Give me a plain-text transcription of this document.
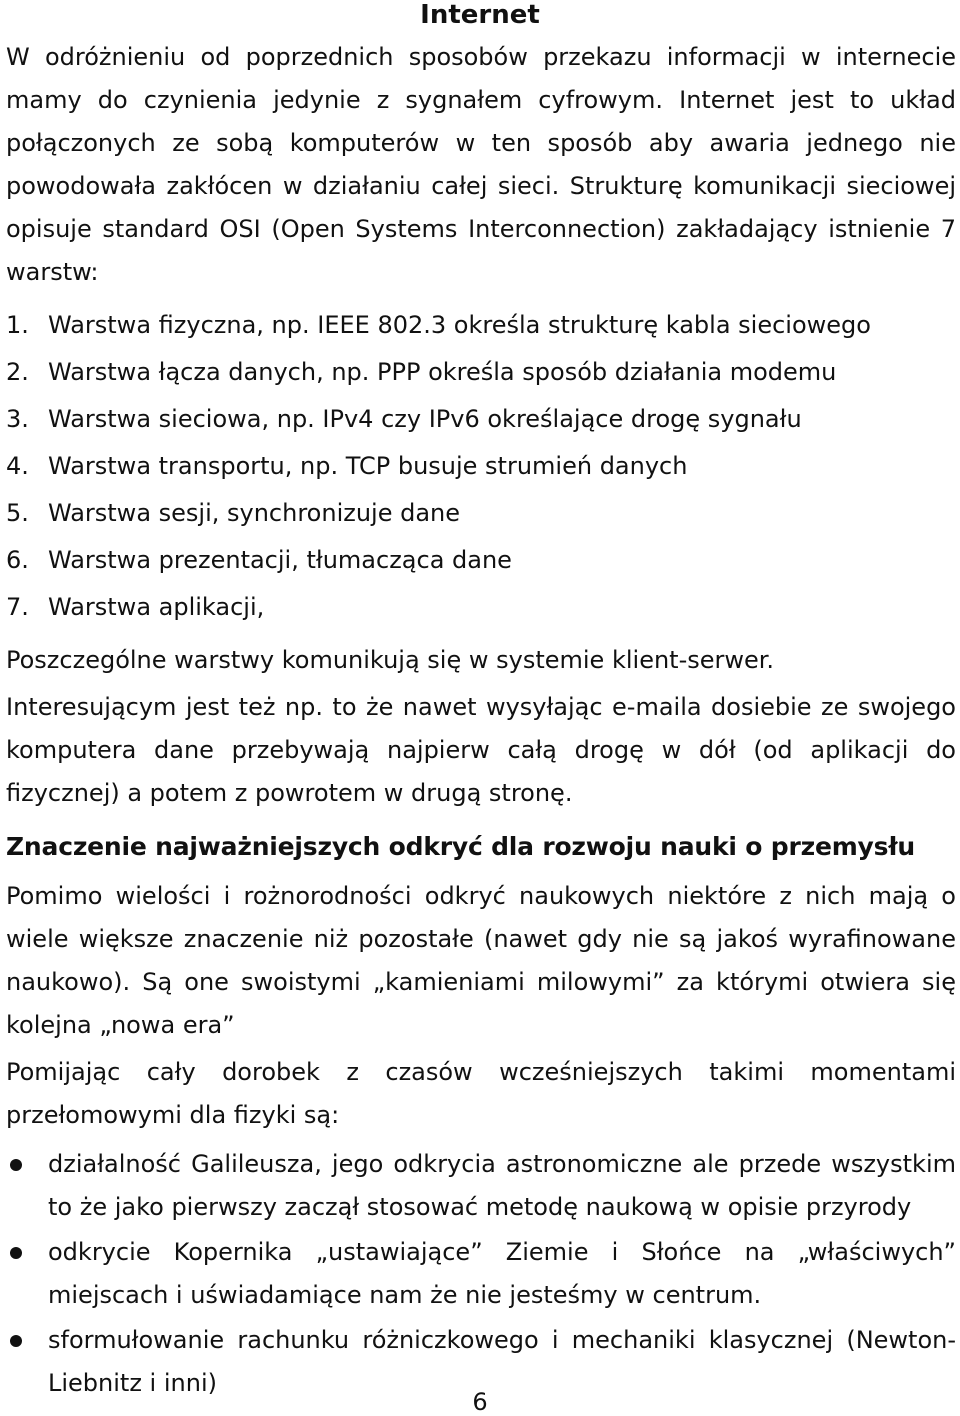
Internet

W odróżnieniu od poprzednich sposobów przekazu informacji w internecie mamy do czynienia jedynie z sygnałem cyfrowym. Internet jest to układ połączonych ze sobą komputerów w ten sposób aby awaria jednego nie powodowała zakłócen w działaniu całej sieci. Strukturę komunikacji sieciowej opisuje standard OSI (Open Systems Interconnection) zakładający istnienie 7 warstw:

1. Warstwa fizyczna, np. IEEE 802.3 określa strukturę kabla sieciowego
2. Warstwa łącza danych, np. PPP określa sposób działania modemu
3. Warstwa sieciowa, np. IPv4 czy IPv6 określające drogę sygnału
4. Warstwa transportu, np. TCP busuje strumień danych
5. Warstwa sesji, synchronizuje dane
6. Warstwa prezentacji, tłumacząca dane
7. Warstwa aplikacji,

Poszczególne warstwy komunikują się w systemie klient-serwer.

Interesującym jest też np. to że nawet wysyłając e-maila dosiebie ze swojego komputera dane przebywają najpierw całą drogę w dół (od aplikacji do fizycznej) a potem z powrotem w drugą stronę.

Znaczenie najważniejszych odkryć dla rozwoju nauki o przemysłu

Pomimo wielości i rożnorodności odkryć naukowych niektóre z nich mają o wiele większe znaczenie niż pozostałe (nawet gdy nie są jakoś wyrafinowane naukowo). Są one swoistymi „kamieniami milowymi” za którymi otwiera się kolejna „nowa era”

Pomijając cały dorobek z czasów wcześniejszych takimi momentami przełomowymi dla fizyki są:

działalność Galileusza, jego odkrycia astronomiczne ale przede wszystkim to że jako pierwszy zaczął stosować metodę naukową w opisie przyrody
odkrycie Kopernika „ustawiające” Ziemie i Słońce na „właściwych” miejscach i uświadamiące nam że nie jesteśmy w centrum.
sformułowanie rachunku różniczkowego i mechaniki klasycznej (Newton-Liebnitz i inni)
6
